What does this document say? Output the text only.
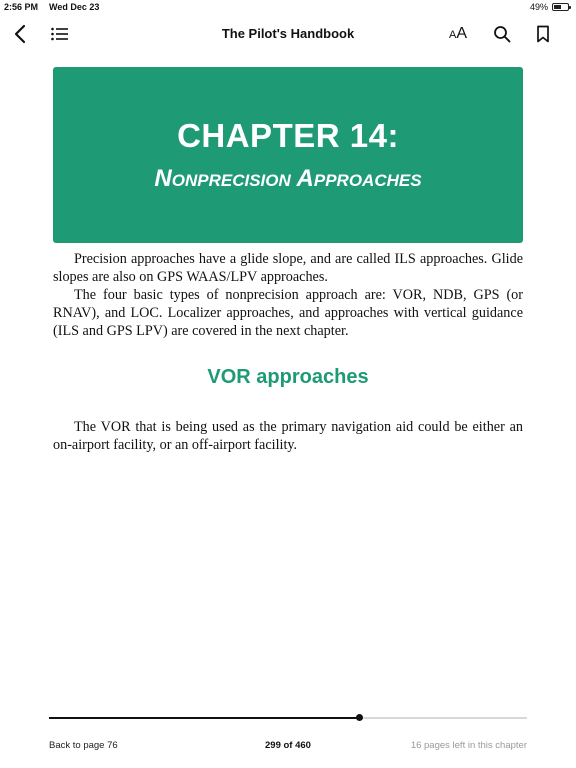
2:56 PM Wed Dec 23	49%
The Pilot's Handbook	AA
CHAPTER 14:
Nonprecision Approaches

Precision approaches have a glide slope, and are called ILS approaches. Glide slopes are also on GPS WAAS/LPV approaches.

The four basic types of nonprecision approach are: VOR, NDB, GPS (or RNAV), and LOC. Localizer approaches, and approaches with vertical guidance (ILS and GPS LPV) are covered in the next chapter.

VOR approaches

The VOR that is being used as the primary navigation aid could be either an on-airport facility, or an off-airport facility.

Back to page 76	299 of 460	16 pages left in this chapter
